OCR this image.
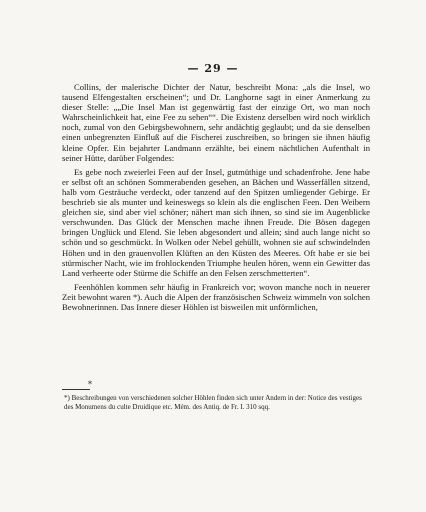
— 29 —

Collins, der malerische Dichter der Natur, beschreibt Mona: „als die Insel, wo tausend Elfengestalten erscheinen“; und Dr. Langhorne sagt in einer Anmerkung zu dieser Stelle: „„Die Insel Man ist gegenwärtig fast der einzige Ort, wo man noch Wahrscheinlichkeit hat, eine Fee zu sehen““. Die Existenz derselben wird noch wirklich noch, zumal von den Gebirgsbewohnern, sehr andächtig geglaubt; und da sie denselben einen unbegrenzten Einfluß auf die Fischerei zuschreiben, so bringen sie ihnen häufig kleine Opfer. Ein bejahrter Landmann erzählte, bei einem nächtlichen Aufenthalt in seiner Hütte, darüber Folgendes:

Es gebe noch zweierlei Feen auf der Insel, gutmüthige und schadenfrohe. Jene habe er selbst oft an schönen Sommerabenden gesehen, an Bächen und Wasserfällen sitzend, halb vom Gesträuche verdeckt, oder tanzend auf den Spitzen umliegender Gebirge. Er beschrieb sie als munter und keineswegs so klein als die englischen Feen. Den Weibern gleichen sie, sind aber viel schöner; nähert man sich ihnen, so sind sie im Augenblicke verschwunden. Das Glück der Menschen mache ihnen Freude. Die Bösen dagegen bringen Unglück und Elend. Sie leben abgesondert und allein; sind auch lange nicht so schön und so geschmückt. In Wolken oder Nebel gehüllt, wohnen sie auf schwindelnden Höhen und in den grauenvollen Klüften an den Küsten des Meeres. Oft habe er sie bei stürmischer Nacht, wie im frohlockenden Triumphe heulen hören, wenn ein Gewitter das Land verheerte oder Stürme die Schiffe an den Felsen zerschmetterten“.

Feenhöhlen kommen sehr häufig in Frankreich vor; wovon manche noch in neuerer Zeit bewohnt waren *). Auch die Alpen der französischen Schweiz wimmeln von solchen Bewohnerinnen. Das Innere dieser Höhlen ist bisweilen mit unförmlichen,

*
*) Beschreibungen von verschiedenen solcher Höhlen finden sich unter Andern in der: Notice des vestiges des Monumens du culte Druidique etc. Mém. des Antiq. de Fr. I. 310 sqq.
